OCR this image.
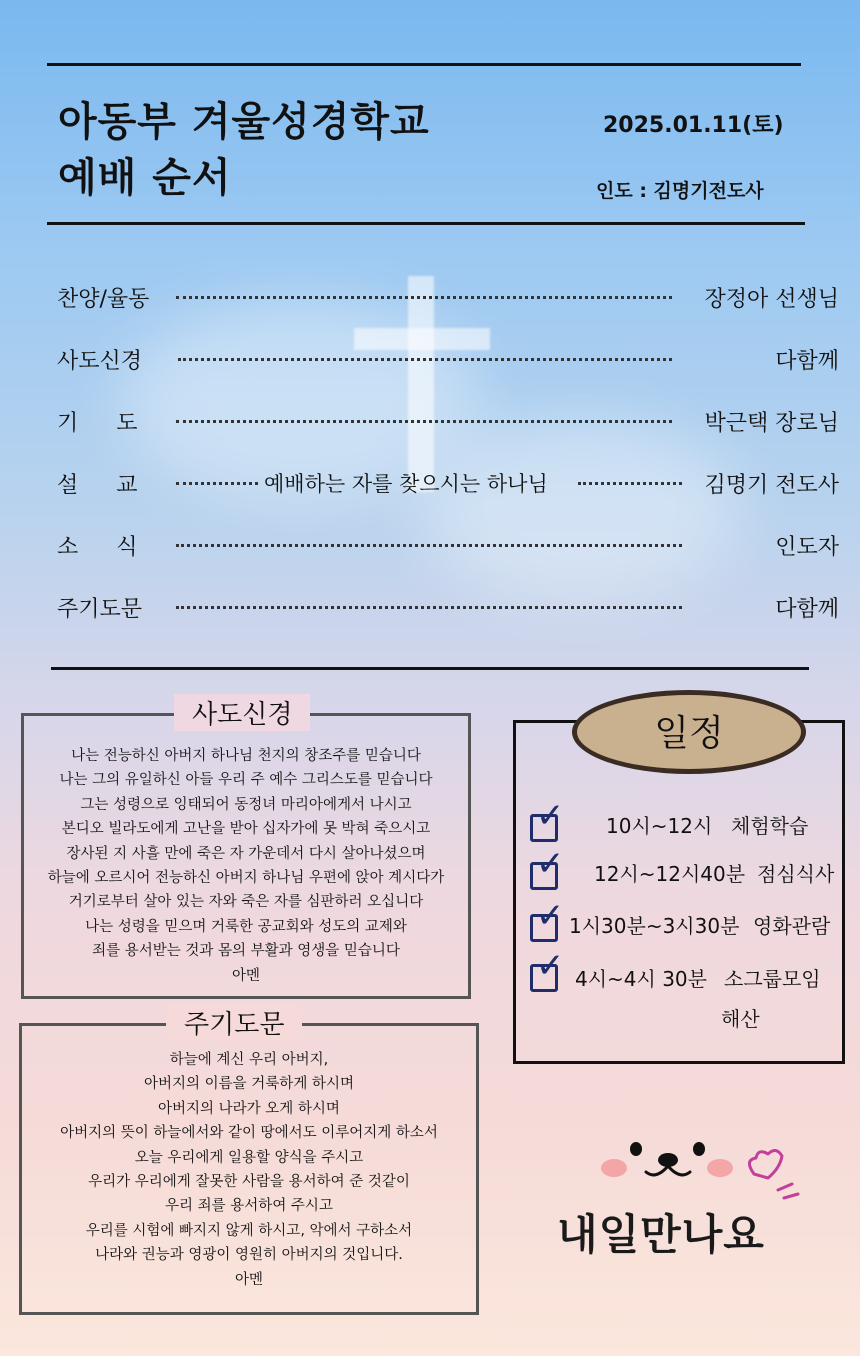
아동부 겨울성경학교
예배 순서
2025.01.11(토)
인도 : 김명기전도사
찬양/율동	장정아 선생님
사도신경	다함께
기도	박근택 장로님
설교	예배하는 자를 찾으시는 하나님	김명기 전도사
소식	인도자
주기도문	다함께
사도신경
나는 전능하신 아버지 하나님 천지의 창조주를 믿습니다
나는 그의 유일하신 아들 우리 주 예수 그리스도를 믿습니다
그는 성령으로 잉태되어 동정녀 마리아에게서 나시고
본디오 빌라도에게 고난을 받아 십자가에 못 박혀 죽으시고
장사된 지 사흘 만에 죽은 자 가운데서 다시 살아나셨으며
하늘에 오르시어 전능하신 아버지 하나님 우편에 앉아 계시다가
거기로부터 살아 있는 자와 죽은 자를 심판하러 오십니다
나는 성령을 믿으며 거룩한 공교회와 성도의 교제와
죄를 용서받는 것과 몸의 부활과 영생을 믿습니다
아멘
주기도문
하늘에 계신 우리 아버지,
아버지의 이름을 거룩하게 하시며
아버지의 나라가 오게 하시며
아버지의 뜻이 하늘에서와 같이 땅에서도 이루어지게 하소서
오늘 우리에게 일용할 양식을 주시고
우리가 우리에게 잘못한 사람을 용서하여 준 것같이
우리 죄를 용서하여 주시고
우리를 시험에 빠지지 않게 하시고, 악에서 구하소서
나라와 권능과 영광이 영원히 아버지의 것입니다.
아멘
일정
✓ 10시~12시 체험학습
✓ 12시~12시40분 점심식사
✓ 1시30분~3시30분 영화관람
✓ 4시~4시 30분 소그룹모임
해산
내일만나요
